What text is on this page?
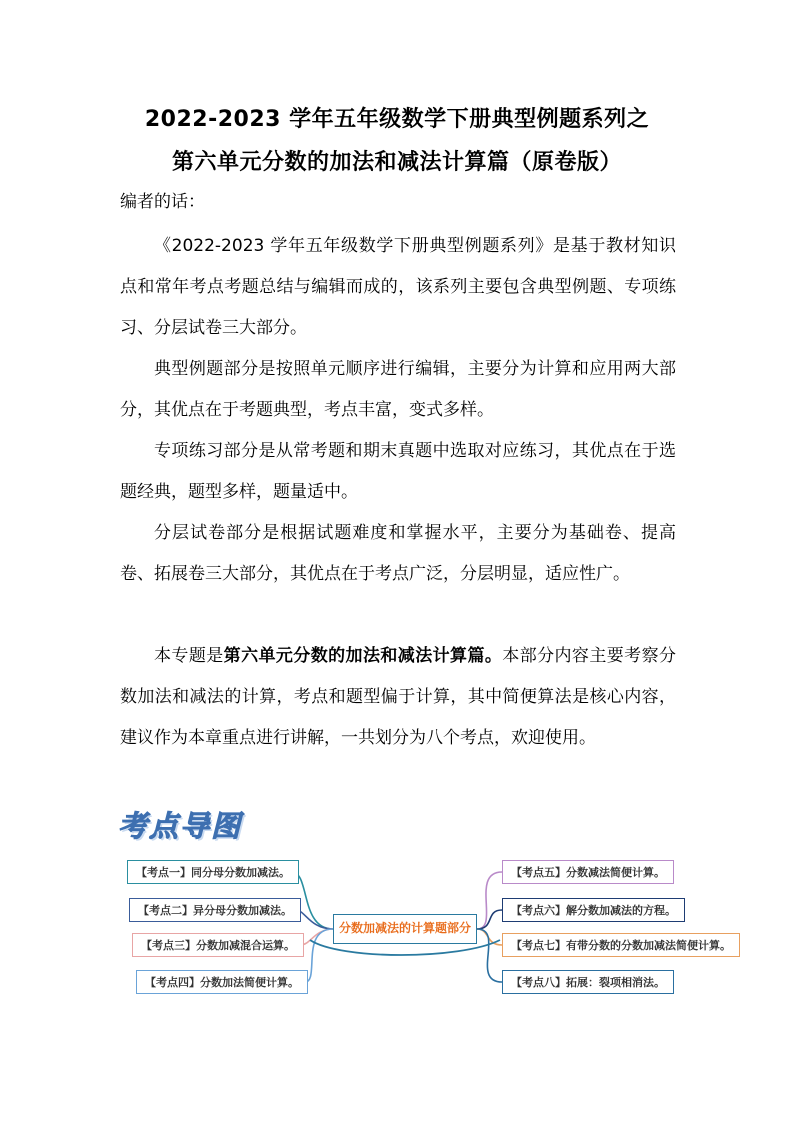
2022-2023 学年五年级数学下册典型例题系列之
第六单元分数的加法和减法计算篇（原卷版）

编者的话：

《2022-2023 学年五年级数学下册典型例题系列》是基于教材知识点和常年考点考题总结与编辑而成的，该系列主要包含典型例题、专项练习、分层试卷三大部分。

典型例题部分是按照单元顺序进行编辑，主要分为计算和应用两大部分，其优点在于考题典型，考点丰富，变式多样。

专项练习部分是从常考题和期末真题中选取对应练习，其优点在于选题经典，题型多样，题量适中。

分层试卷部分是根据试题难度和掌握水平，主要分为基础卷、提高卷、拓展卷三大部分，其优点在于考点广泛，分层明显，适应性广。

本专题是第六单元分数的加法和减法计算篇。本部分内容主要考察分数加法和减法的计算，考点和题型偏于计算，其中简便算法是核心内容，建议作为本章重点进行讲解，一共划分为八个考点，欢迎使用。

考点导图
分数加减法的计算题部分
【考点一】同分母分数加减法。
【考点二】异分母分数加减法。
【考点三】分数加减混合运算。
【考点四】分数加法简便计算。
【考点五】分数减法简便计算。
【考点六】解分数加减法的方程。
【考点七】有带分数的分数加减法简便计算。
【考点八】拓展：裂项相消法。
